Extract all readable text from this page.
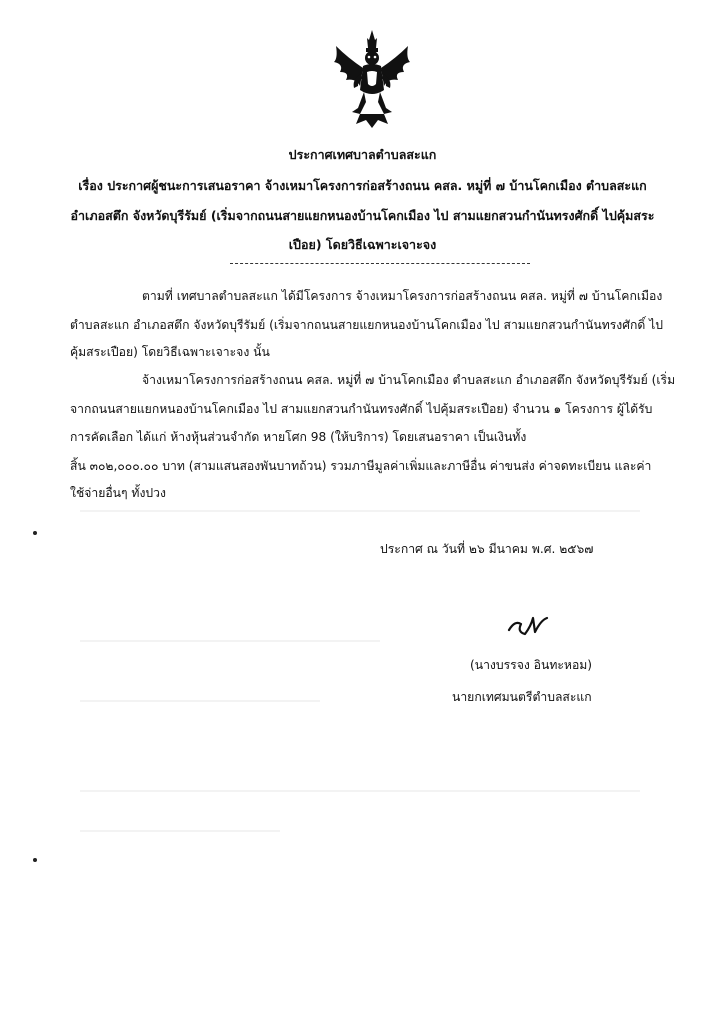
ประกาศเทศบาลตำบลสะแก
เรื่อง ประกาศผู้ชนะการเสนอราคา จ้างเหมาโครงการก่อสร้างถนน คสล. หมู่ที่ ๗ บ้านโคกเมือง ตำบลสะแก
อำเภอสตึก จังหวัดบุรีรัมย์ (เริ่มจากถนนสายแยกหนองบ้านโคกเมือง ไป สามแยกสวนกำนันทรงศักดิ์ ไปคุ้มสระ
เปือย) โดยวิธีเฉพาะเจาะจง
ตามที่ เทศบาลตำบลสะแก ได้มีโครงการ จ้างเหมาโครงการก่อสร้างถนน คสล. หมู่ที่ ๗ บ้านโคกเมือง
ตำบลสะแก อำเภอสตึก จังหวัดบุรีรัมย์ (เริ่มจากถนนสายแยกหนองบ้านโคกเมือง ไป สามแยกสวนกำนันทรงศักดิ์ ไป
คุ้มสระเปือย) โดยวิธีเฉพาะเจาะจง นั้น
จ้างเหมาโครงการก่อสร้างถนน คสล. หมู่ที่ ๗ บ้านโคกเมือง ตำบลสะแก อำเภอสตึก จังหวัดบุรีรัมย์ (เริ่ม
จากถนนสายแยกหนองบ้านโคกเมือง ไป สามแยกสวนกำนันทรงศักดิ์ ไปคุ้มสระเปือย) จำนวน ๑ โครงการ ผู้ได้รับ
การคัดเลือก ได้แก่ ห้างหุ้นส่วนจำกัด หายโศก 98 (ให้บริการ) โดยเสนอราคา เป็นเงินทั้ง
สิ้น ๓๐๒,๐๐๐.๐๐ บาท (สามแสนสองพันบาทถ้วน) รวมภาษีมูลค่าเพิ่มและภาษีอื่น ค่าขนส่ง ค่าจดทะเบียน และค่า
ใช้จ่ายอื่นๆ ทั้งปวง
ประกาศ ณ วันที่ ๒๖ มีนาคม พ.ศ. ๒๕๖๗
(นางบรรจง อินทะหอม)
นายกเทศมนตรีตำบลสะแก
